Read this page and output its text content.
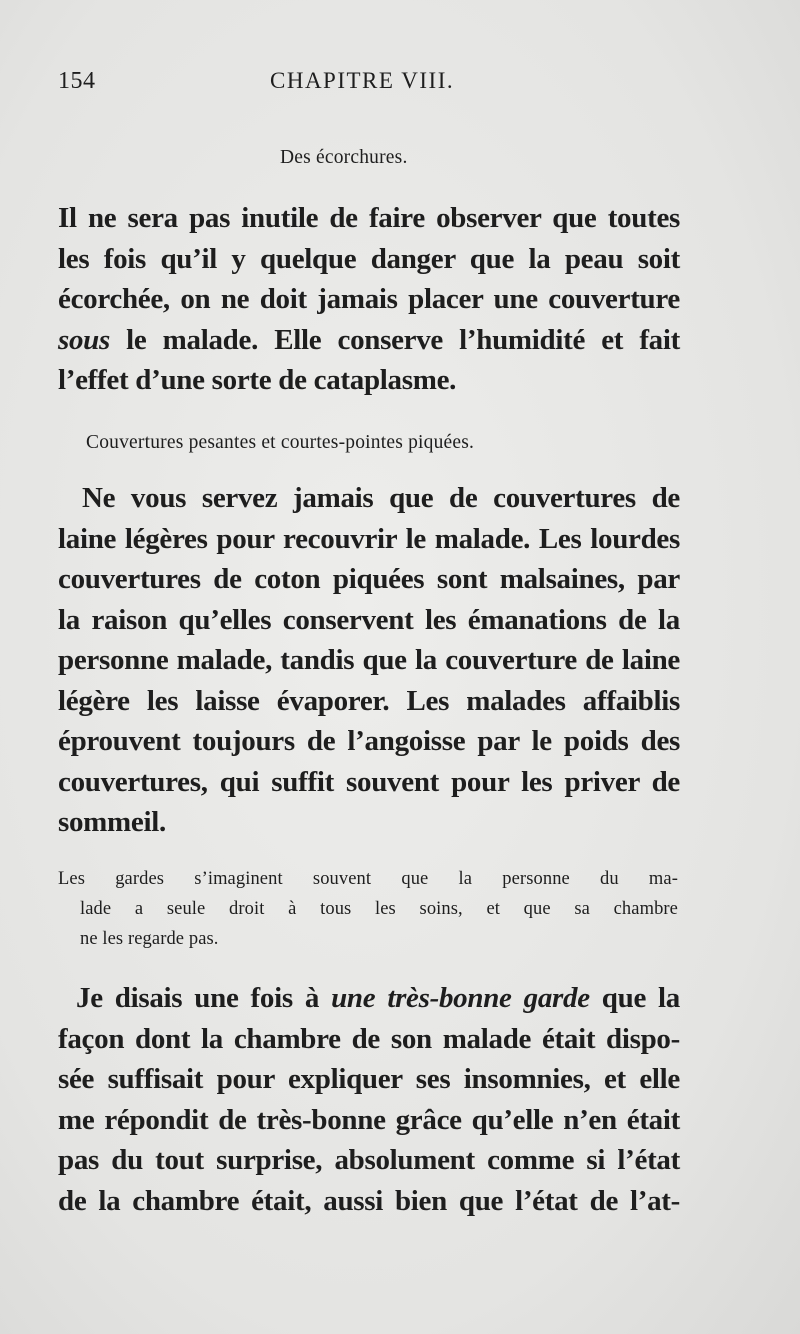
154	CHAPITRE VIII.
Des écorchures.
Il ne sera pas inutile de faire observer que toutes
les fois qu’il y quelque danger que la peau soit
écorchée, on ne doit jamais placer une couverture
sous le malade. Elle conserve l’humidité et fait
l’effet d’une sorte de cataplasme.
Couvertures pesantes et courtes-pointes piquées.
Ne vous servez jamais que de couvertures de
laine légères pour recouvrir le malade. Les lourdes
couvertures de coton piquées sont malsaines, par
la raison qu’elles conservent les émanations de la
personne malade, tandis que la couverture de laine
légère les laisse évaporer. Les malades affaiblis
éprouvent toujours de l’angoisse par le poids des
couvertures, qui suffit souvent pour les priver de
sommeil.
Les gardes s’imaginent souvent que la personne du ma-
lade a seule droit à tous les soins, et que sa chambre
ne les regarde pas.
Je disais une fois à une très-bonne garde que la
façon dont la chambre de son malade était dispo-
sée suffisait pour expliquer ses insomnies, et elle
me répondit de très-bonne grâce qu’elle n’en était
pas du tout surprise, absolument comme si l’état
de la chambre était, aussi bien que l’état de l’at-
